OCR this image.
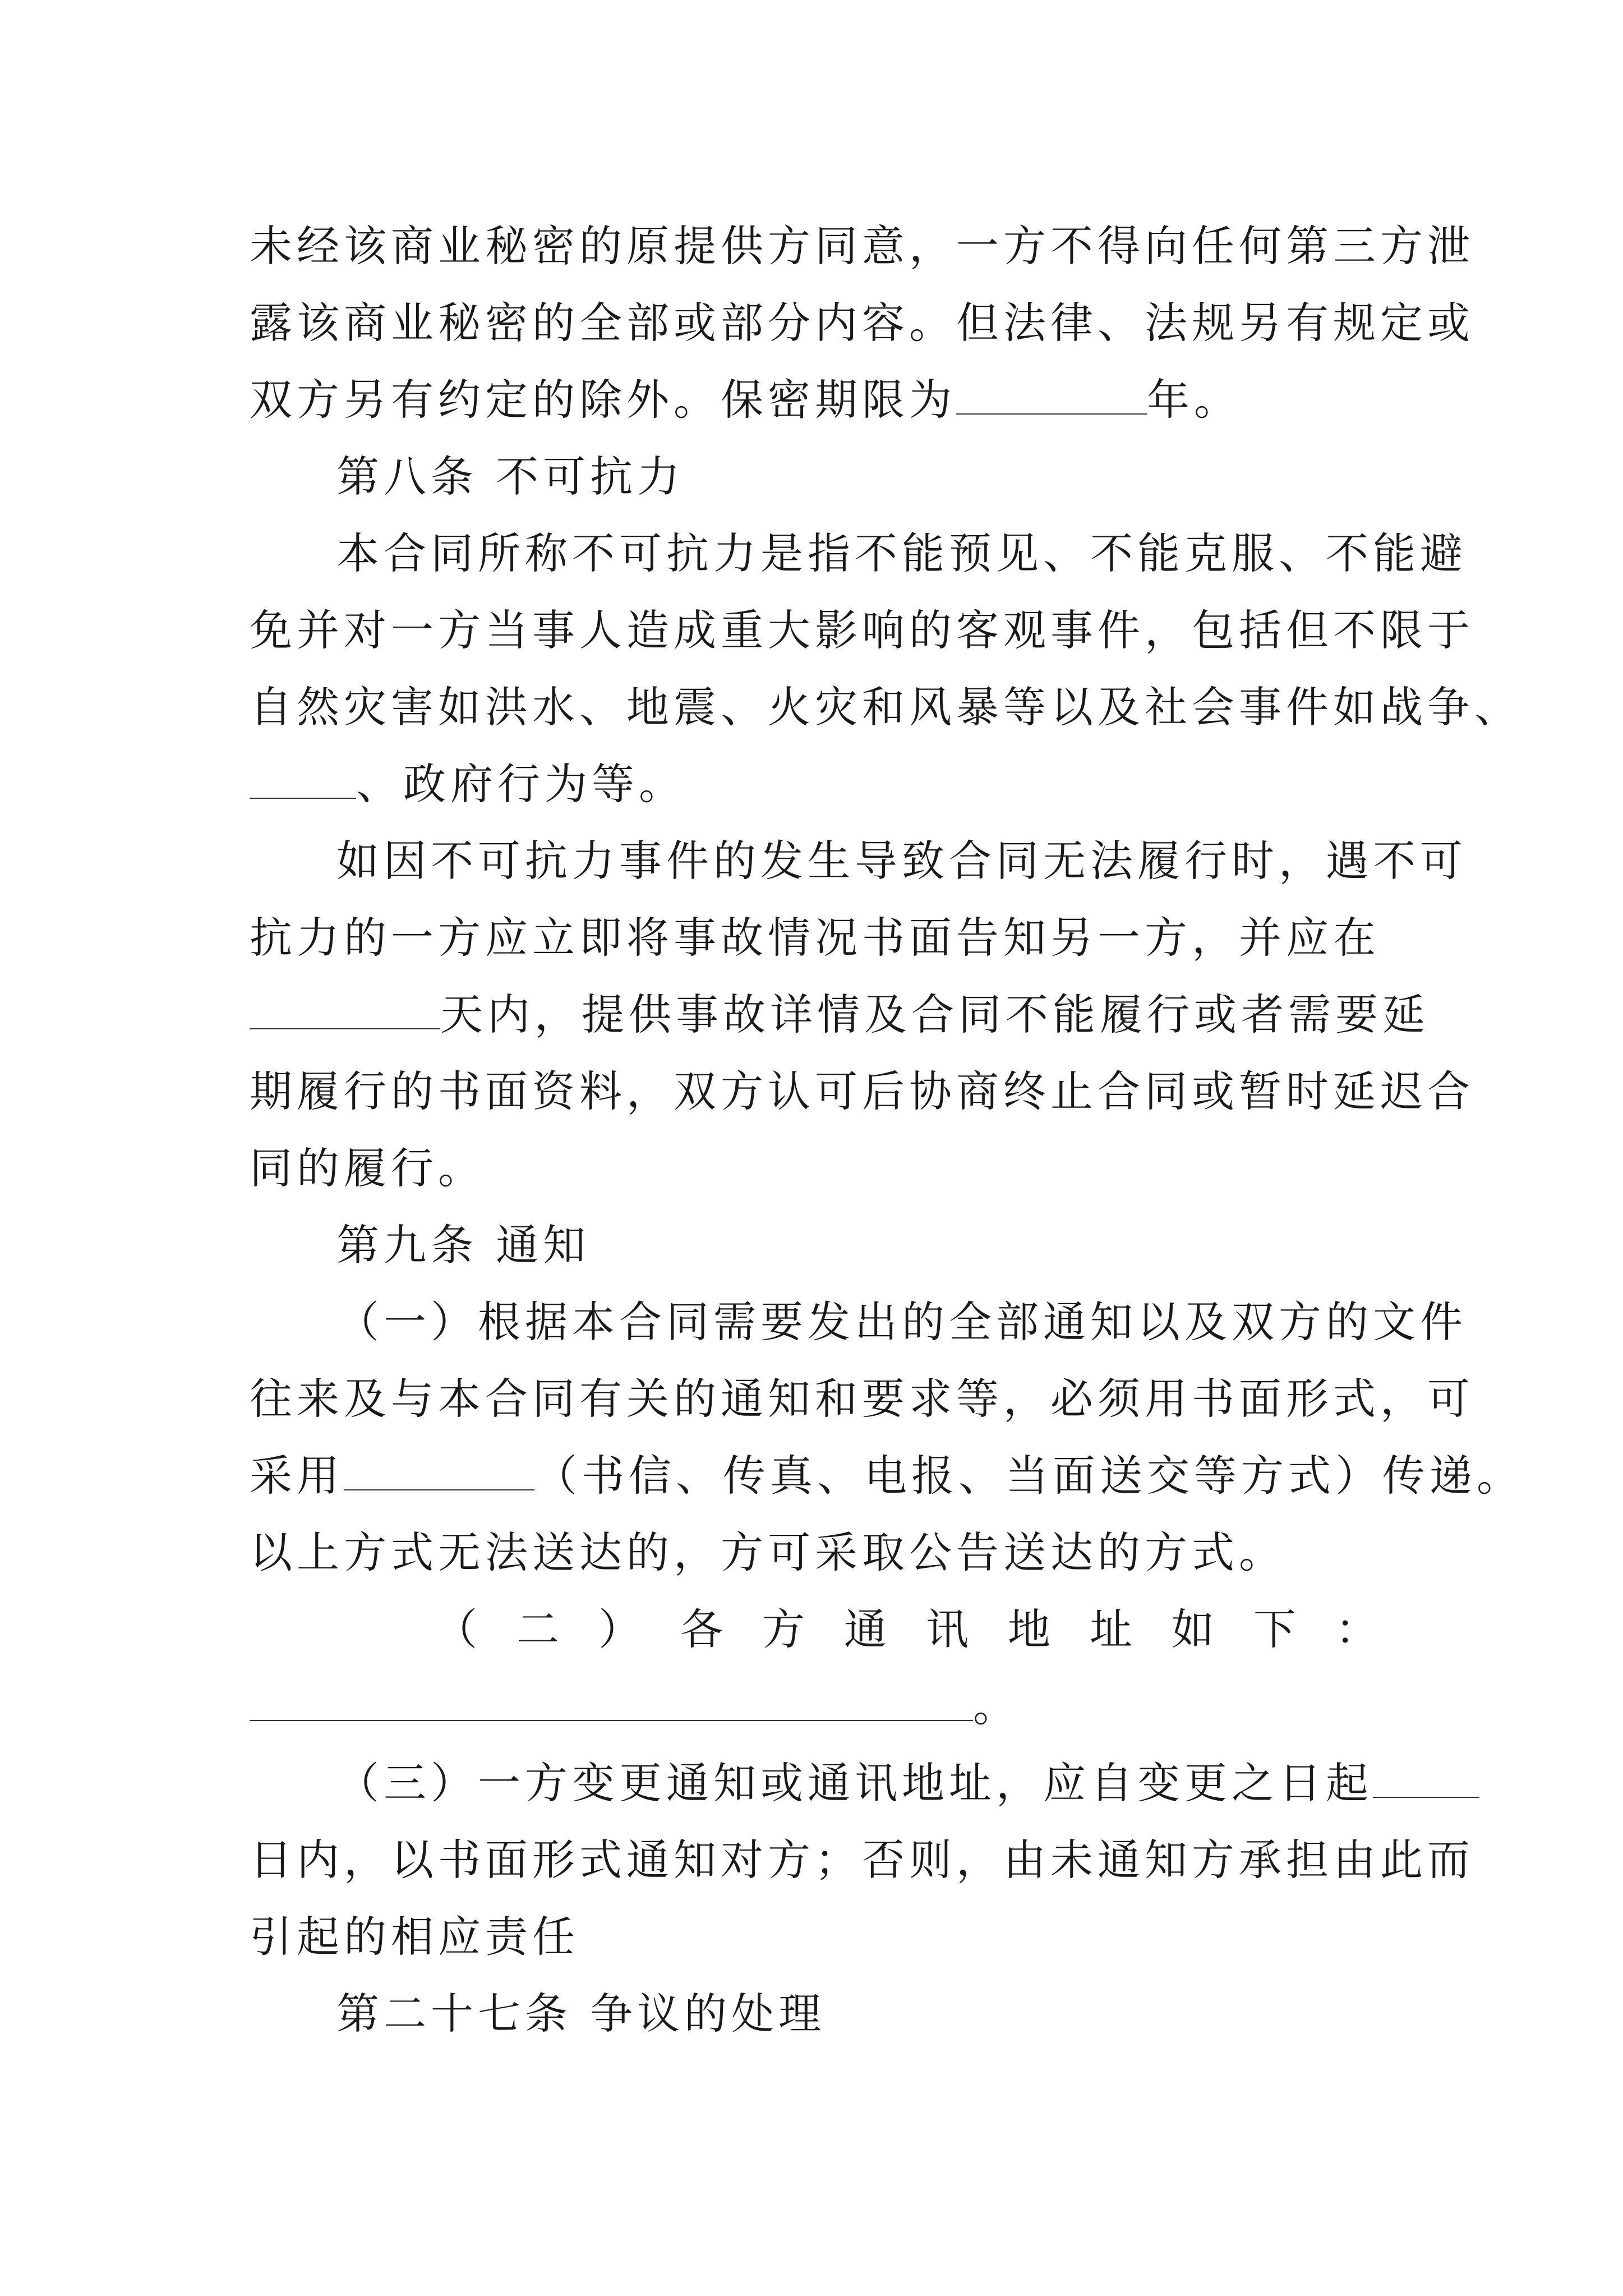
未经该商业秘密的原提供方同意，一方不得向任何第三方泄
露该商业秘密的全部或部分内容。但法律、法规另有规定或
双方另有约定的除外。保密期限为	年。
第八条 不可抗力
本合同所称不可抗力是指不能预见、不能克服、不能避
免并对一方当事人造成重大影响的客观事件，包括但不限于
自然灾害如洪水、地震、火灾和风暴等以及社会事件如战争、
、政府行为等。
如因不可抗力事件的发生导致合同无法履行时，遇不可
抗力的一方应立即将事故情况书面告知另一方，并应在
天内，提供事故详情及合同不能履行或者需要延
期履行的书面资料，双方认可后协商终止合同或暂时延迟合
同的履行。
第九条 通知
（一）根据本合同需要发出的全部通知以及双方的文件
往来及与本合同有关的通知和要求等，必须用书面形式，可
采用	（书信、传真、电报、当面送交等方式）传递。
以上方式无法送达的，方可采取公告送达的方式。
（ 二 ） 各 方 通 讯 地 址 如 下 ：
。
（三）一方变更通知或通讯地址，应自变更之日起
日内，以书面形式通知对方；否则，由未通知方承担由此而
引起的相应责任
第二十七条 争议的处理
